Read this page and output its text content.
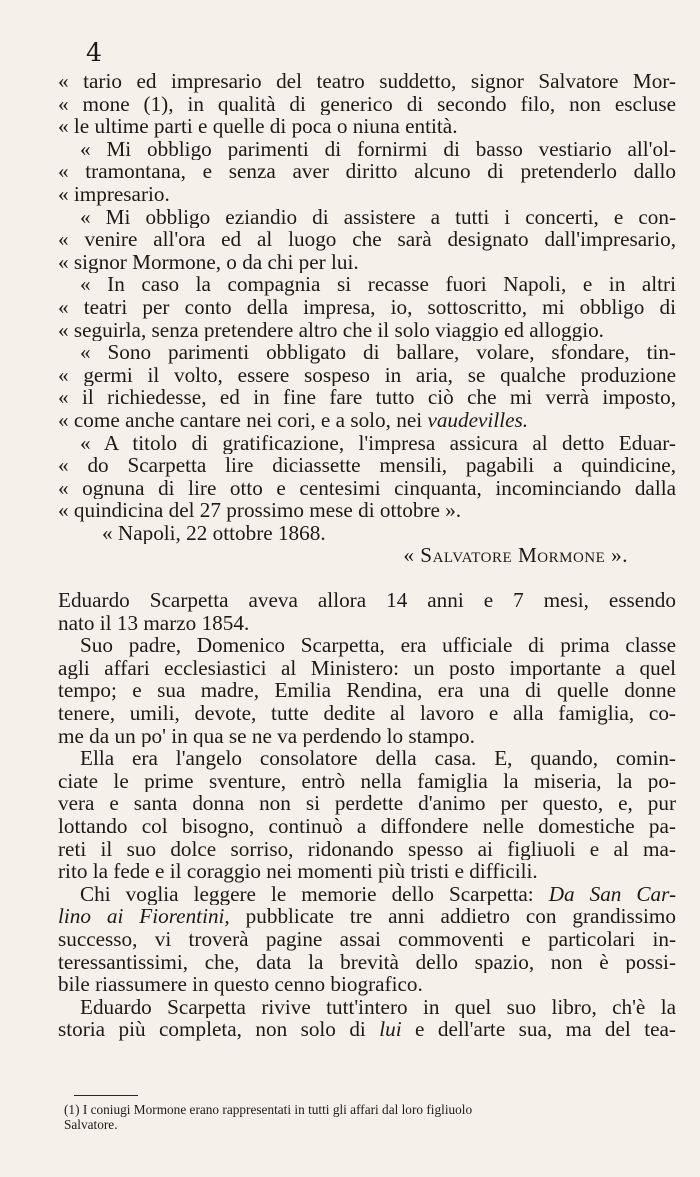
4
« tario ed impresario del teatro suddetto, signor Salvatore Mor-
« mone (1), in qualità di generico di secondo filo, non escluse
« le ultime parti e quelle di poca o niuna entità.
« Mi obbligo parimenti di fornirmi di basso vestiario all'ol-
« tramontana, e senza aver diritto alcuno di pretenderlo dallo
« impresario.
« Mi obbligo eziandio di assistere a tutti i concerti, e con-
« venire all'ora ed al luogo che sarà designato dall'impresario,
« signor Mormone, o da chi per lui.
« In caso la compagnia si recasse fuori Napoli, e in altri
« teatri per conto della impresa, io, sottoscritto, mi obbligo di
« seguirla, senza pretendere altro che il solo viaggio ed alloggio.
« Sono parimenti obbligato di ballare, volare, sfondare, tin-
« germi il volto, essere sospeso in aria, se qualche produzione
« il richiedesse, ed in fine fare tutto ciò che mi verrà imposto,
« come anche cantare nei cori, e a solo, nei vaudevilles.
« A titolo di gratificazione, l'impresa assicura al detto Eduar-
« do Scarpetta lire diciassette mensili, pagabili a quindicine,
« ognuna di lire otto e centesimi cinquanta, incominciando dalla
« quindicina del 27 prossimo mese di ottobre ».
« Napoli, 22 ottobre 1868.
« Salvatore Mormone ».
Eduardo Scarpetta aveva allora 14 anni e 7 mesi, essendo
nato il 13 marzo 1854.
Suo padre, Domenico Scarpetta, era ufficiale di prima classe
agli affari ecclesiastici al Ministero: un posto importante a quel
tempo; e sua madre, Emilia Rendina, era una di quelle donne
tenere, umili, devote, tutte dedite al lavoro e alla famiglia, co-
me da un po' in qua se ne va perdendo lo stampo.
Ella era l'angelo consolatore della casa. E, quando, comin-
ciate le prime sventure, entrò nella famiglia la miseria, la po-
vera e santa donna non si perdette d'animo per questo, e, pur
lottando col bisogno, continuò a diffondere nelle domestiche pa-
reti il suo dolce sorriso, ridonando spesso ai figliuoli e al ma-
rito la fede e il coraggio nei momenti più tristi e difficili.
Chi voglia leggere le memorie dello Scarpetta: Da San Car-
lino ai Fiorentini, pubblicate tre anni addietro con grandissimo
successo, vi troverà pagine assai commoventi e particolari in-
teressantissimi, che, data la brevità dello spazio, non è possi-
bile riassumere in questo cenno biografico.
Eduardo Scarpetta rivive tutt'intero in quel suo libro, ch'è la
storia più completa, non solo di lui e dell'arte sua, ma del tea-
(1) I coniugi Mormone erano rappresentati in tutti gli affari dal loro figliuolo
Salvatore.
